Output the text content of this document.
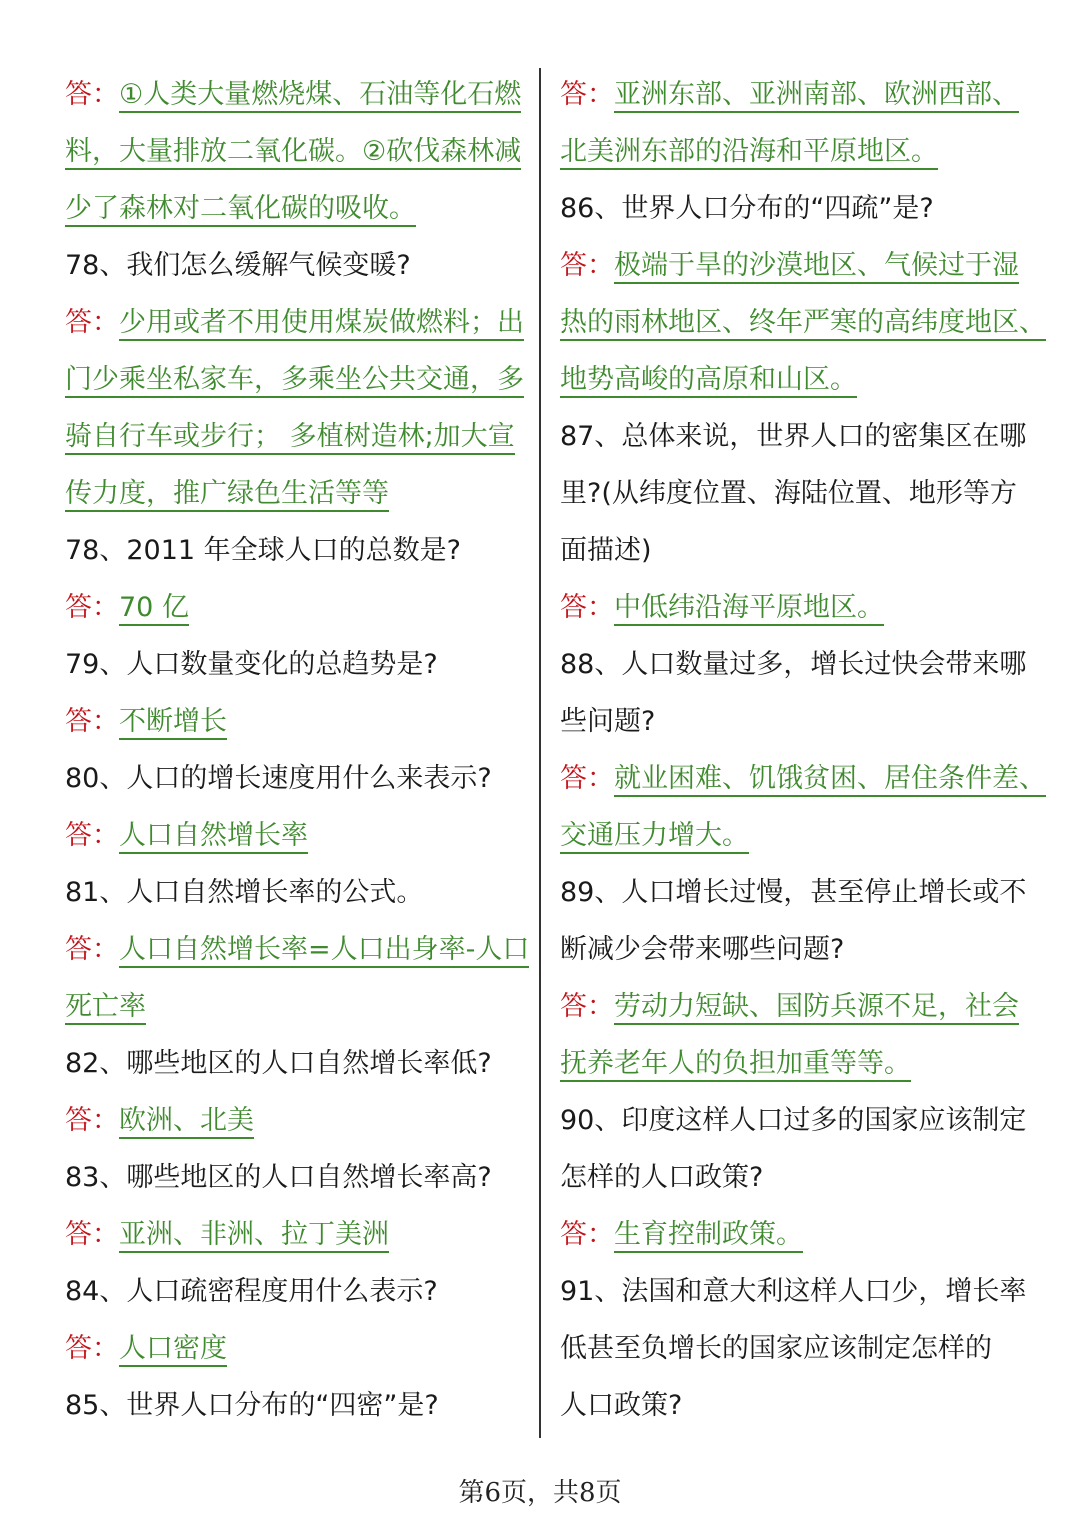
答：①人类大量燃烧煤、石油等化石燃
料，大量排放二氧化碳。②砍伐森林减
少了森林对二氧化碳的吸收。
78、我们怎么缓解气候变暖?
答：少用或者不用使用煤炭做燃料；出
门少乘坐私家车，多乘坐公共交通，多
骑自行车或步行； 多植树造林;加大宣
传力度，推广绿色生活等等
78、2011 年全球人口的总数是?
答：70 亿
79、人口数量变化的总趋势是?
答：不断增长
80、人口的增长速度用什么来表示?
答：人口自然增长率
81、人口自然增长率的公式。
答：人口自然增长率=人口出身率-人口
死亡率
82、哪些地区的人口自然增长率低?
答：欧洲、北美
83、哪些地区的人口自然增长率高?
答：亚洲、非洲、拉丁美洲
84、人口疏密程度用什么表示?
答：人口密度
85、世界人口分布的“四密”是?
答：亚洲东部、亚洲南部、欧洲西部、
北美洲东部的沿海和平原地区。
86、世界人口分布的“四疏”是?
答：极端于旱的沙漠地区、气候过于湿
热的雨林地区、终年严寒的高纬度地区、
地势高峻的高原和山区。
87、总体来说，世界人口的密集区在哪
里?(从纬度位置、海陆位置、地形等方
面描述)
答：中低纬沿海平原地区。
88、人口数量过多，增长过快会带来哪
些问题?
答：就业困难、饥饿贫困、居住条件差、
交通压力增大。
89、人口增长过慢，甚至停止增长或不
断减少会带来哪些问题?
答：劳动力短缺、国防兵源不足，社会
抚养老年人的负担加重等等。
90、印度这样人口过多的国家应该制定
怎样的人口政策?
答：生育控制政策。
91、法国和意大利这样人口少，增长率
低甚至负增长的国家应该制定怎样的
人口政策?
第6页，共8页
